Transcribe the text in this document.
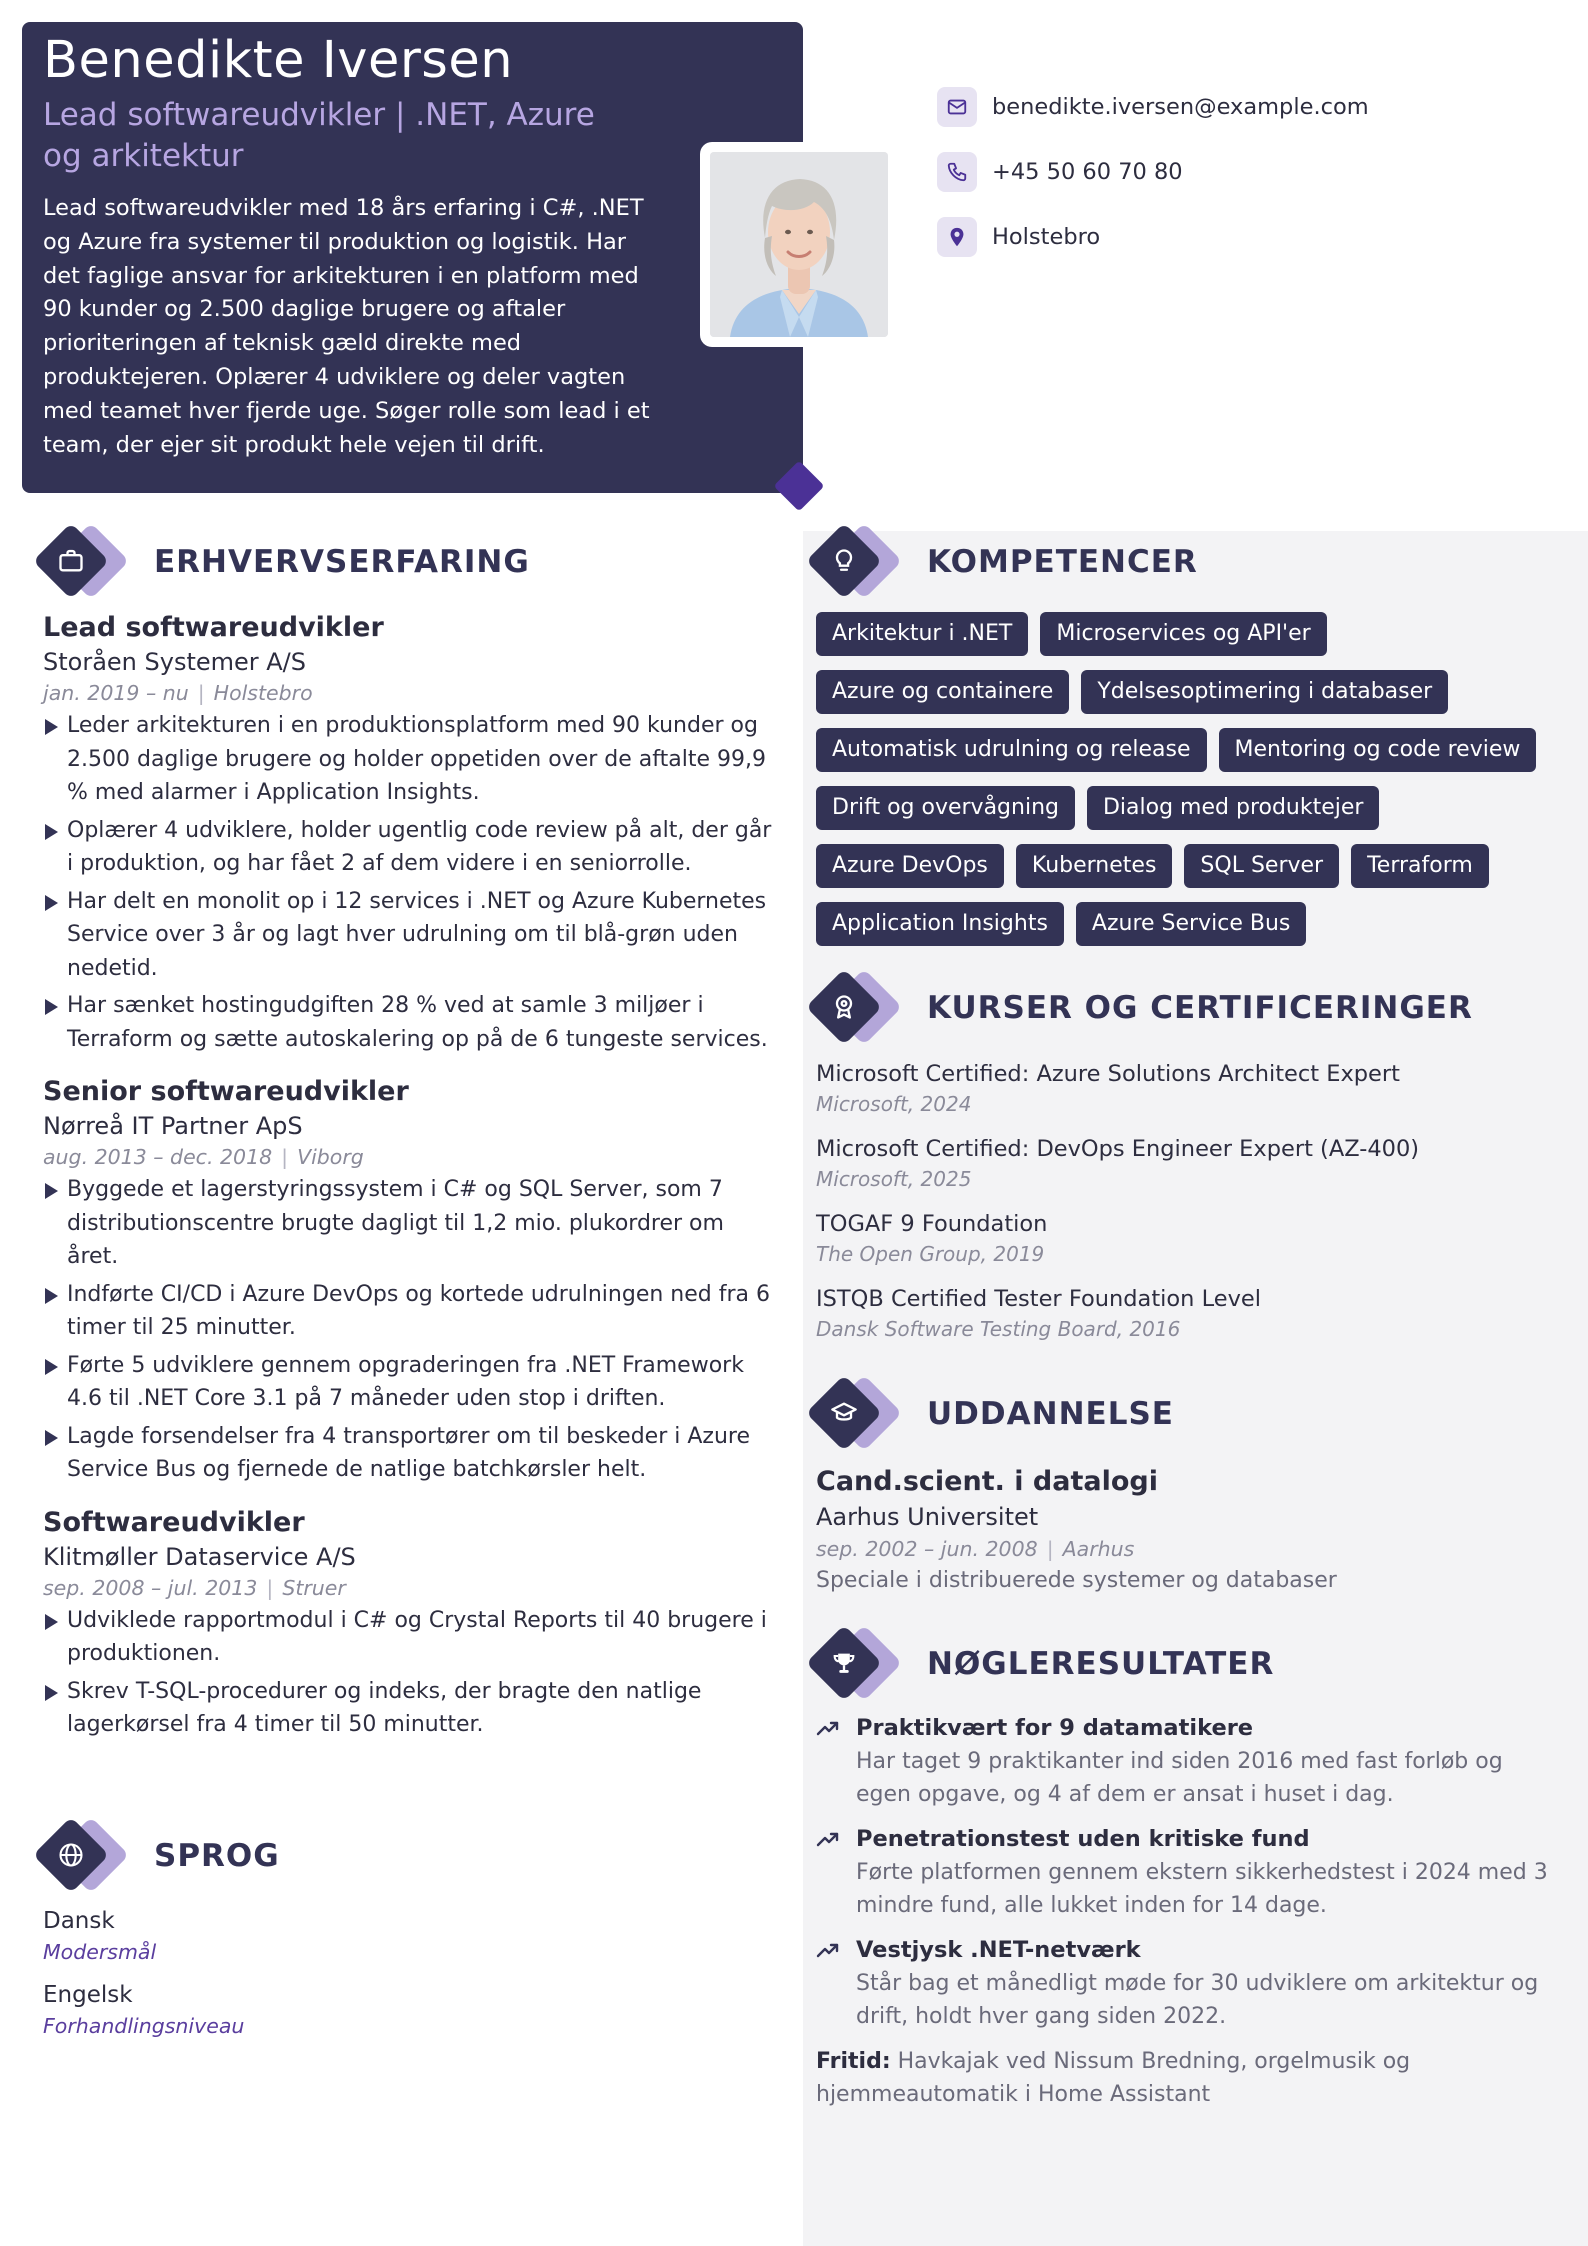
Benedikte Iversen
Lead softwareudvikler | .NET, Azure og arkitektur
Lead softwareudvikler med 18 års erfaring i C#, .NET og Azure fra systemer til produktion og logistik. Har det faglige ansvar for arkitekturen i en platform med 90 kunder og 2.500 daglige brugere og aftaler prioriteringen af teknisk gæld direkte med produktejeren. Oplærer 4 udviklere og deler vagten med teamet hver fjerde uge. Søger rolle som lead i et team, der ejer sit produkt hele vejen til drift.
benedikte.iversen@example.com
+45 50 60 70 80
Holstebro
ERHVERVSERFARING
Lead softwareudvikler
Storåen Systemer A/S
jan. 2019 – nu | Holstebro
Leder arkitekturen i en produktionsplatform med 90 kunder og 2.500 daglige brugere og holder oppetiden over de aftalte 99,9 % med alarmer i Application Insights.
Oplærer 4 udviklere, holder ugentlig code review på alt, der går i produktion, og har fået 2 af dem videre i en seniorrolle.
Har delt en monolit op i 12 services i .NET og Azure Kubernetes Service over 3 år og lagt hver udrulning om til blå-grøn uden nedetid.
Har sænket hostingudgiften 28 % ved at samle 3 miljøer i Terraform og sætte autoskalering op på de 6 tungeste services.
Senior softwareudvikler
Nørreå IT Partner ApS
aug. 2013 – dec. 2018 | Viborg
Byggede et lagerstyringssystem i C# og SQL Server, som 7 distributionscentre brugte dagligt til 1,2 mio. plukordrer om året.
Indførte CI/CD i Azure DevOps og kortede udrulningen ned fra 6 timer til 25 minutter.
Førte 5 udviklere gennem opgraderingen fra .NET Framework 4.6 til .NET Core 3.1 på 7 måneder uden stop i driften.
Lagde forsendelser fra 4 transportører om til beskeder i Azure Service Bus og fjernede de natlige batchkørsler helt.
Softwareudvikler
Klitmøller Dataservice A/S
sep. 2008 – jul. 2013 | Struer
Udviklede rapportmodul i C# og Crystal Reports til 40 brugere i produktionen.
Skrev T-SQL-procedurer og indeks, der bragte den natlige lagerkørsel fra 4 timer til 50 minutter.
SPROG
Dansk
Modersmål
Engelsk
Forhandlingsniveau
KOMPETENCER
Arkitektur i .NET	Microservices og API'er
Azure og containere	Ydelsesoptimering i databaser
Automatisk udrulning og release	Mentoring og code review
Drift og overvågning	Dialog med produktejer
Azure DevOps	Kubernetes	SQL Server	Terraform
Application Insights	Azure Service Bus
KURSER OG CERTIFICERINGER
Microsoft Certified: Azure Solutions Architect Expert
Microsoft, 2024
Microsoft Certified: DevOps Engineer Expert (AZ-400)
Microsoft, 2025
TOGAF 9 Foundation
The Open Group, 2019
ISTQB Certified Tester Foundation Level
Dansk Software Testing Board, 2016
UDDANNELSE
Cand.scient. i datalogi
Aarhus Universitet
sep. 2002 – jun. 2008 | Aarhus
Speciale i distribuerede systemer og databaser
NØGLERESULTATER
Praktikvært for 9 datamatikere
Har taget 9 praktikanter ind siden 2016 med fast forløb og egen opgave, og 4 af dem er ansat i huset i dag.
Penetrationstest uden kritiske fund
Førte platformen gennem ekstern sikkerhedstest i 2024 med 3 mindre fund, alle lukket inden for 14 dage.
Vestjysk .NET-netværk
Står bag et månedligt møde for 30 udviklere om arkitektur og drift, holdt hver gang siden 2022.
Fritid: Havkajak ved Nissum Bredning, orgelmusik og hjemmeautomatik i Home Assistant
